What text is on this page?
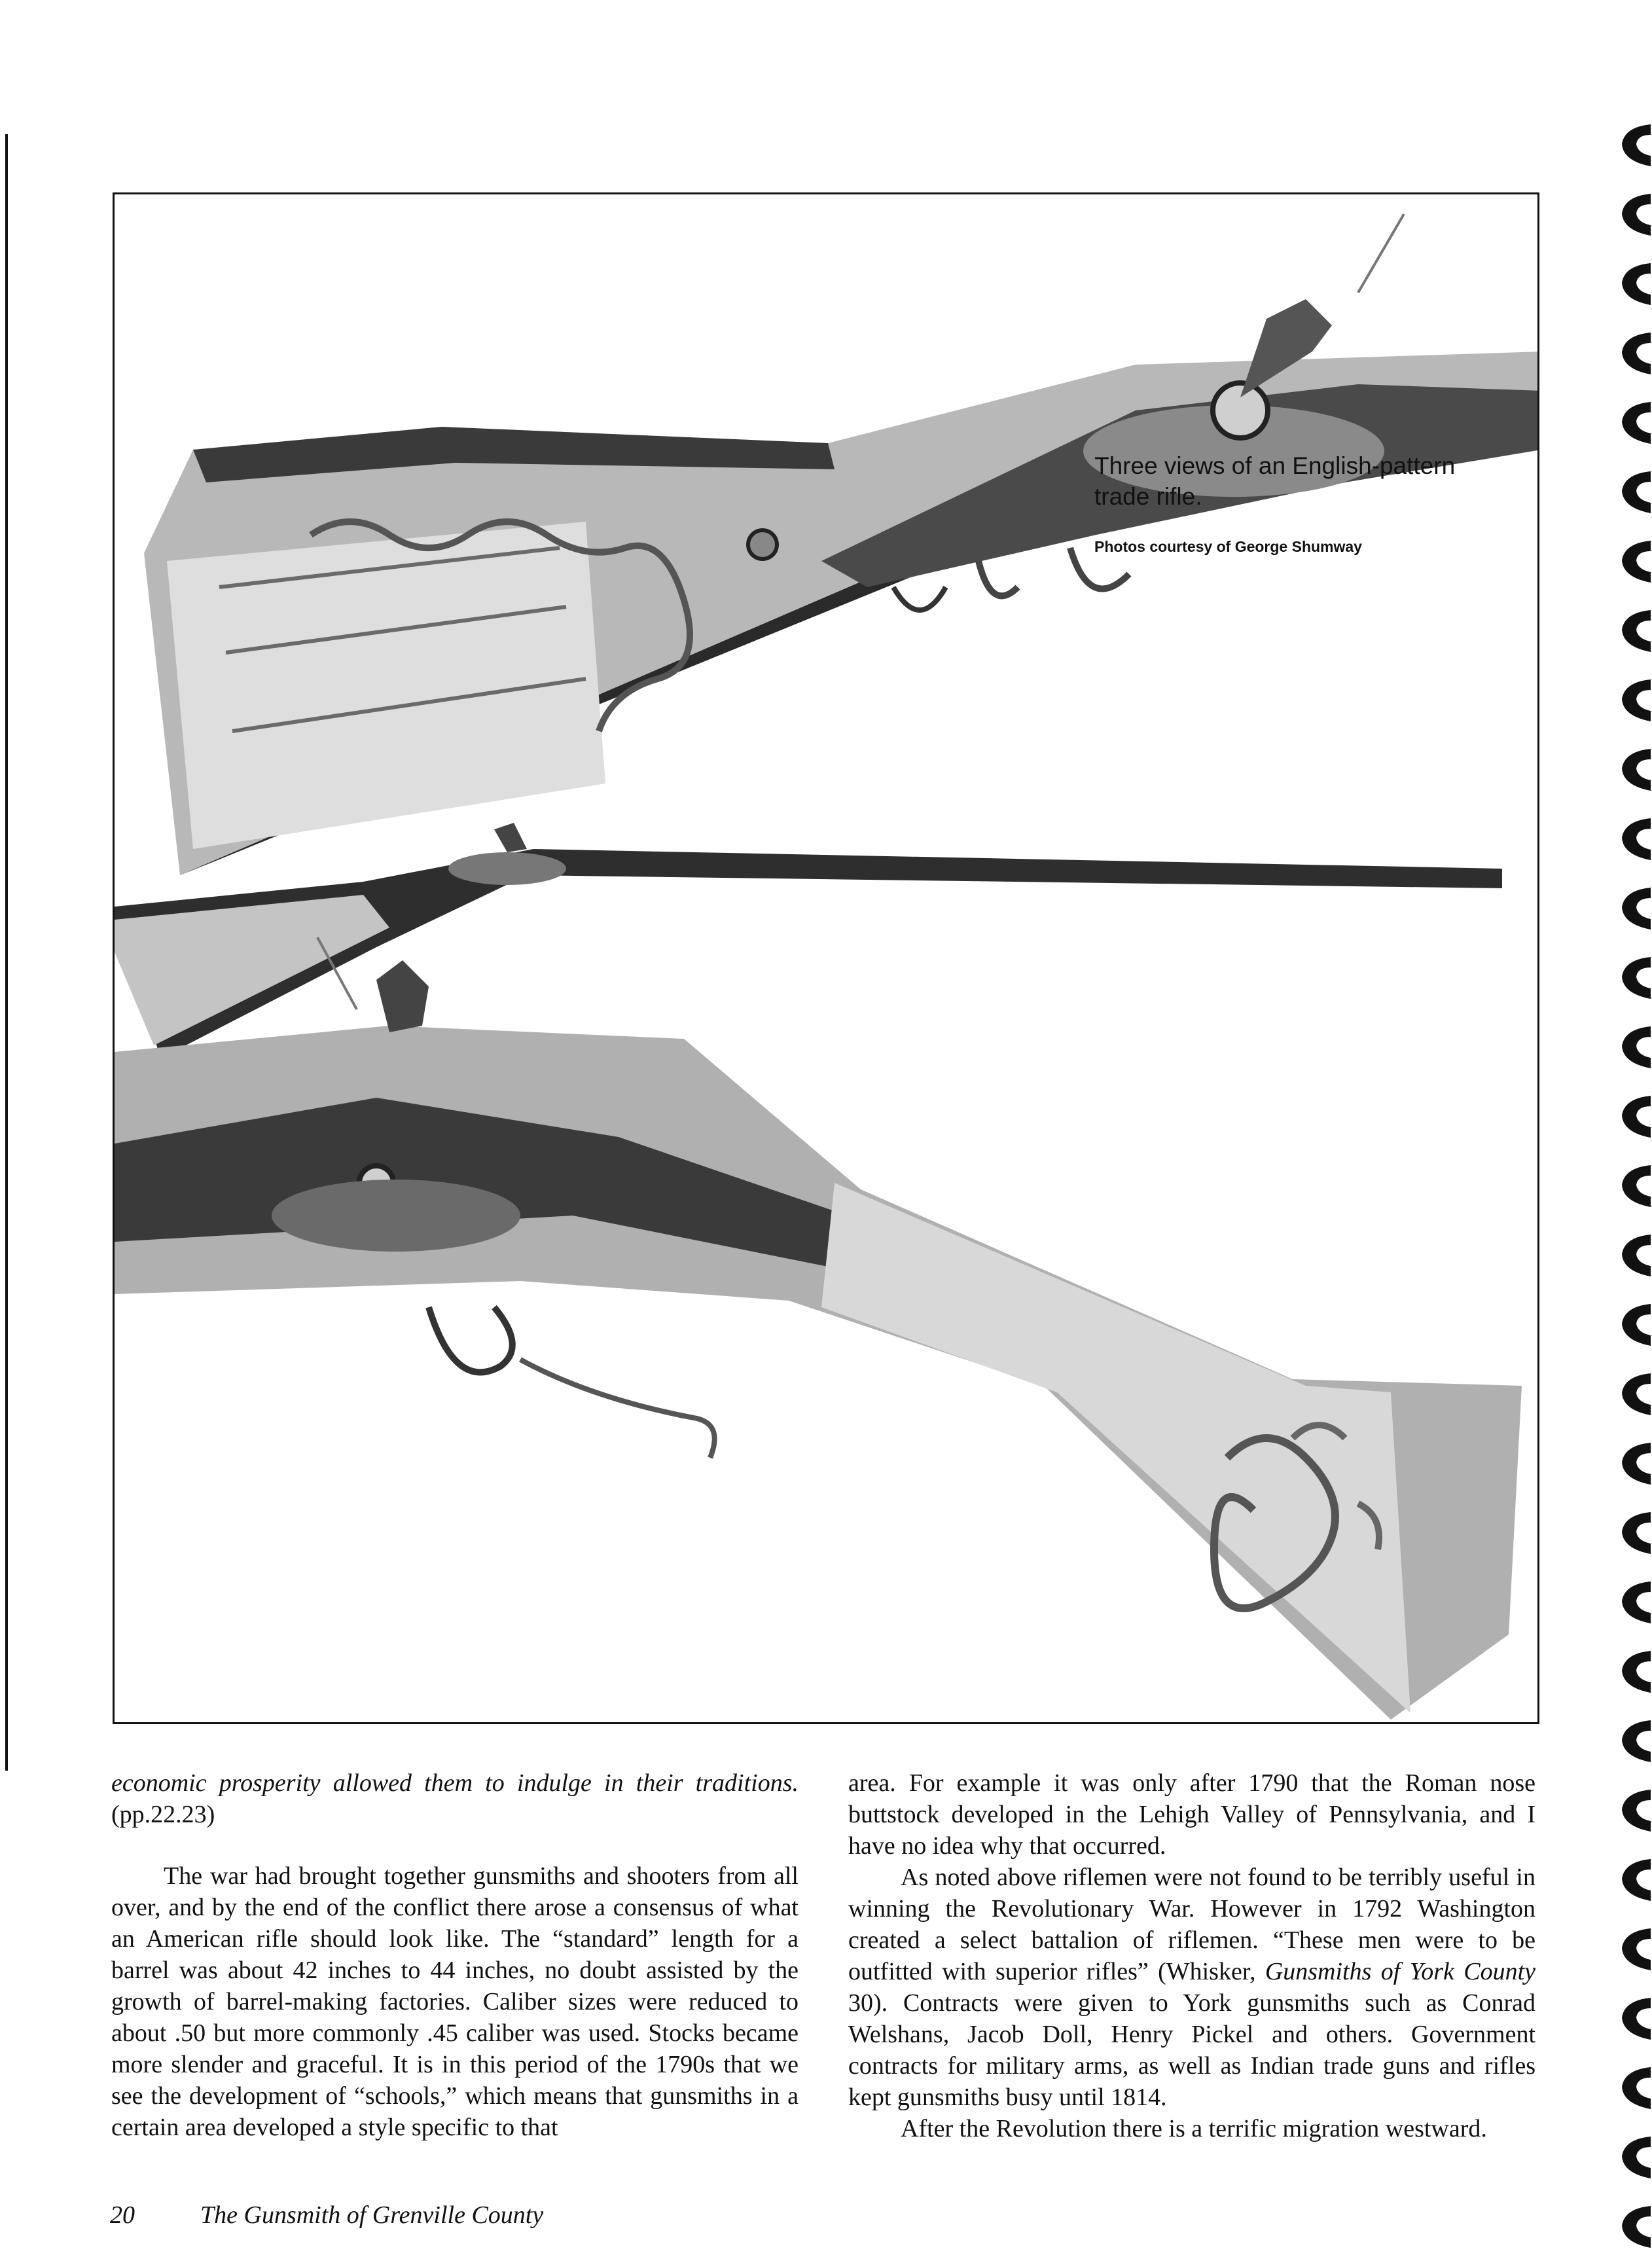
Three views of an English-pattern trade rifle.

Photos courtesy of George Shumway

economic prosperity allowed them to indulge in their traditions. (pp.22.23)

The war had brought together gunsmiths and shooters from all over, and by the end of the conflict there arose a consensus of what an American rifle should look like. The “standard” length for a barrel was about 42 inches to 44 inches, no doubt assisted by the growth of barrel-making factories. Caliber sizes were reduced to about .50 but more commonly .45 caliber was used. Stocks became more slender and graceful. It is in this period of the 1790s that we see the development of “schools,” which means that gunsmiths in a certain area developed a style specific to that

area. For example it was only after 1790 that the Roman nose buttstock developed in the Lehigh Valley of Pennsylvania, and I have no idea why that occurred.

As noted above riflemen were not found to be terribly useful in winning the Revolutionary War. However in 1792 Washington created a select battalion of riflemen. “These men were to be outfitted with superior rifles” (Whisker, Gunsmiths of York County 30). Contracts were given to York gunsmiths such as Conrad Welshans, Jacob Doll, Henry Pickel and others. Government contracts for military arms, as well as Indian trade guns and rifles kept gunsmiths busy until 1814.

After the Revolution there is a terrific migration westward.

20	The Gunsmith of Grenville County
